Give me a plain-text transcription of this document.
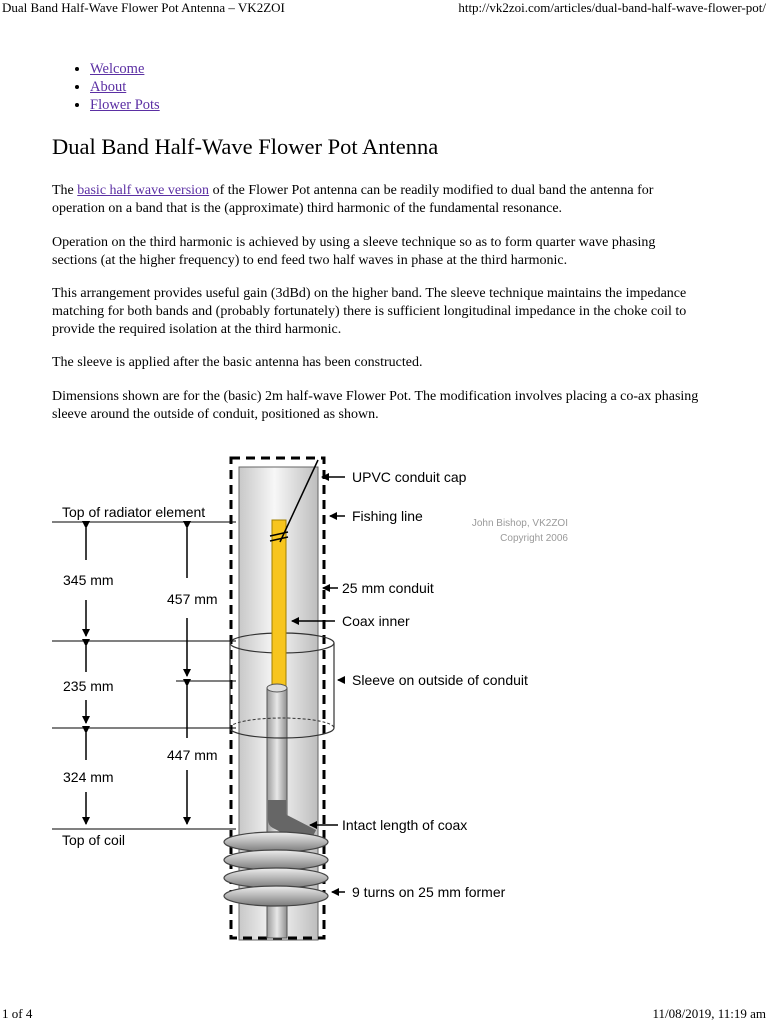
Dual Band Half-Wave Flower Pot Antenna – VK2ZOI	http://vk2zoi.com/articles/dual-band-half-wave-flower-pot/
• Welcome
• About
• Flower Pots
Dual Band Half-Wave Flower Pot Antenna

The basic half wave version of the Flower Pot antenna can be readily modified to dual band the antenna for operation on a band that is the (approximate) third harmonic of the fundamental resonance.

Operation on the third harmonic is achieved by using a sleeve technique so as to form quarter wave phasing sections (at the higher frequency) to end feed two half waves in phase at the third harmonic.

This arrangement provides useful gain (3dBd) on the higher band. The sleeve technique maintains the impedance matching for both bands and (probably fortunately) there is sufficient longitudinal impedance in the choke coil to provide the required isolation at the third harmonic.

The sleeve is applied after the basic antenna has been constructed.

Dimensions shown are for the (basic) 2m half-wave Flower Pot. The modification involves placing a co-ax phasing sleeve around the outside of conduit, positioned as shown.

UPVC conduit cap
Fishing line
25 mm conduit
Coax inner
Sleeve on outside of conduit
Intact length of coax
9 turns on 25 mm former
Top of radiator element
Top of coil
345 mm
235 mm
324 mm
457 mm
447 mm
John Bishop, VK2ZOI
Copyright 2006
1 of 4	11/08/2019, 11:19 am
